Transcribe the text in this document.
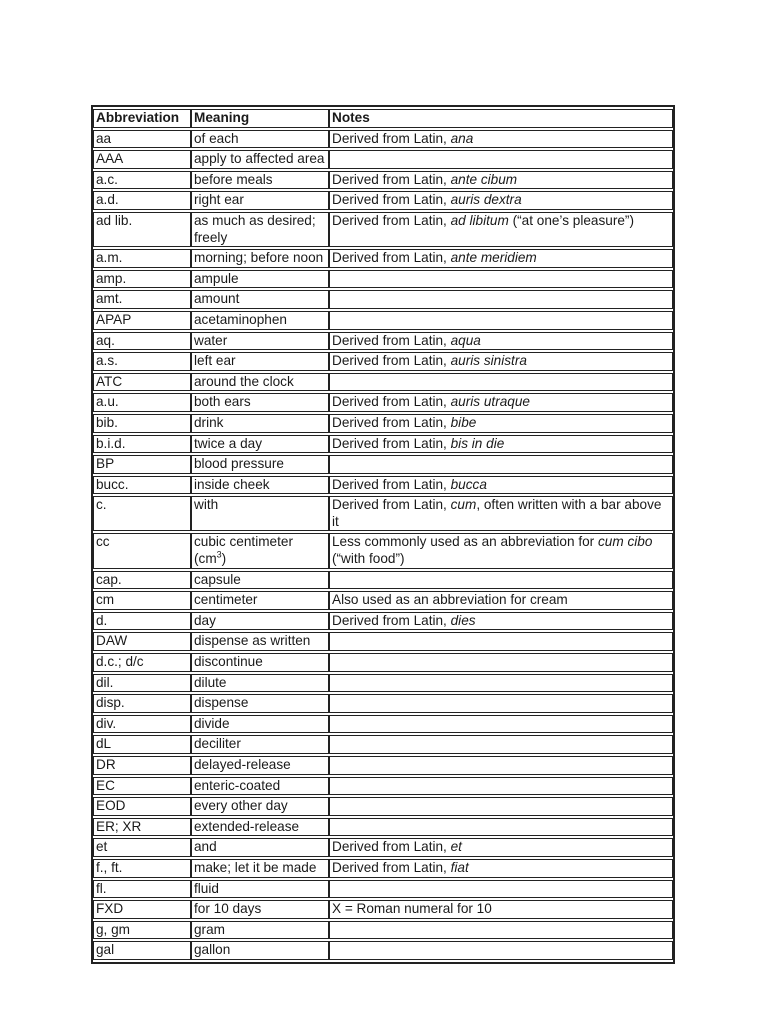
Abbreviation	Meaning	Notes
aa	of each	Derived from Latin, ana
AAA	apply to affected area	
a.c.	before meals	Derived from Latin, ante cibum
a.d.	right ear	Derived from Latin, auris dextra
ad lib.	as much as desired; freely	Derived from Latin, ad libitum (“at one’s pleasure”)
a.m.	morning; before noon	Derived from Latin, ante meridiem
amp.	ampule	
amt.	amount	
APAP	acetaminophen	
aq.	water	Derived from Latin, aqua
a.s.	left ear	Derived from Latin, auris sinistra
ATC	around the clock	
a.u.	both ears	Derived from Latin, auris utraque
bib.	drink	Derived from Latin, bibe
b.i.d.	twice a day	Derived from Latin, bis in die
BP	blood pressure	
bucc.	inside cheek	Derived from Latin, bucca
c.	with	Derived from Latin, cum, often written with a bar above it
cc	cubic centimeter $(cm^3)$	Less commonly used as an abbreviation for cum cibo (“with food”)
cap.	capsule	
cm	centimeter	Also used as an abbreviation for cream
d.	day	Derived from Latin, dies
DAW	dispense as written	
d.c.; d/c	discontinue	
dil.	dilute	
disp.	dispense	
div.	divide	
dL	deciliter	
DR	delayed-release	
EC	enteric-coated	
EOD	every other day	
ER; XR	extended-release	
et	and	Derived from Latin, et
f., ft.	make; let it be made	Derived from Latin, fiat
fl.	fluid	
FXD	for 10 days	X = Roman numeral for 10
g, gm	gram	
gal	gallon	
